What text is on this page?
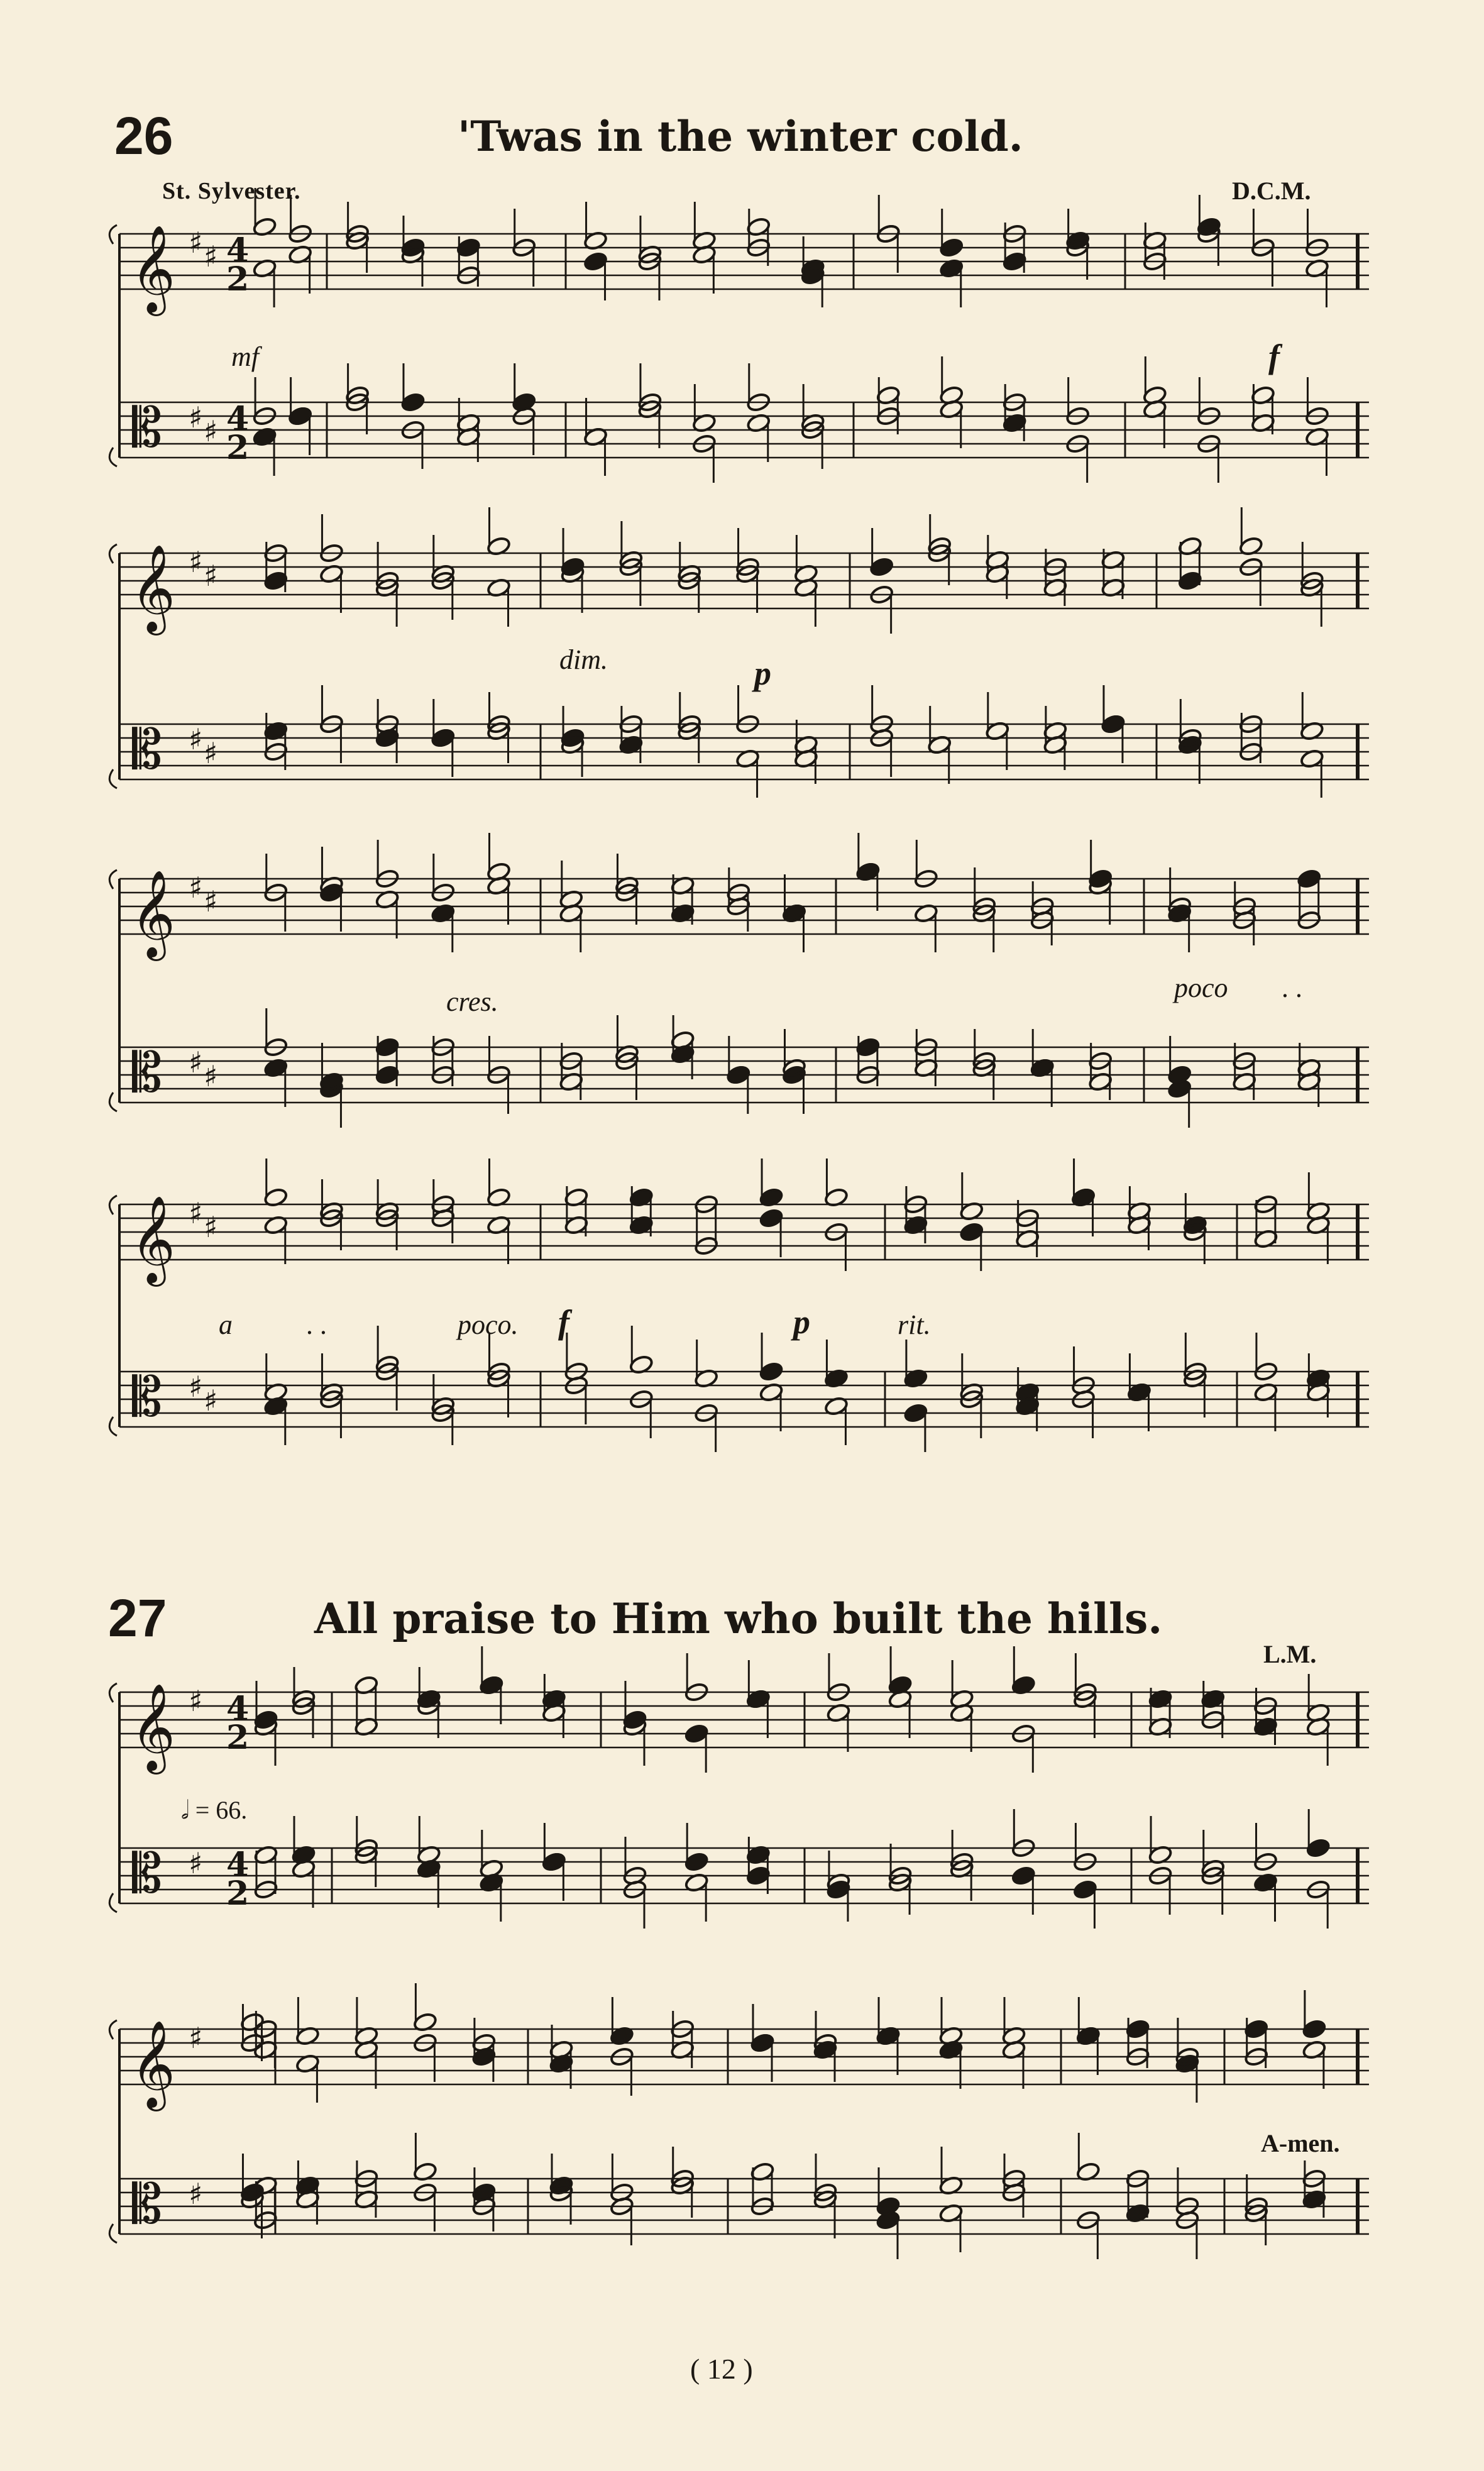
26	'Twas in the winter cold.
St. Sylvester.	D.C.M.
𝄞
𝄡
♯
♯
♯
♯
𝄞
𝄡
♯
♯
♯
♯
𝄞
𝄡
♯
♯
♯
♯
𝄞
𝄡
♯
♯
♯
♯
𝄞
𝄡
♯
♯
𝄞
𝄡
♯
♯
4
2
4
2
4
2
4
2
mf	f
dim.	p
cres.	poco . .
a	. .	poco. f	p	rit.
27	All praise to Him who built the hills.
L.M.
𝅗𝅥 = 66.
A-men.
( 12 )
